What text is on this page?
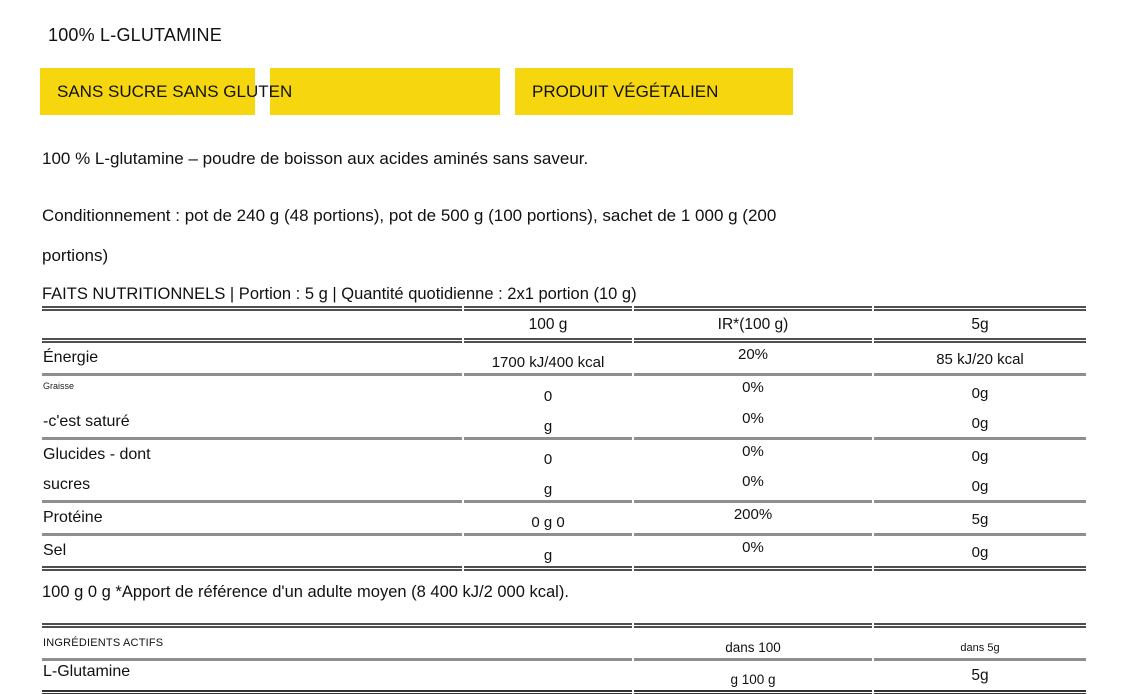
100% L-GLUTAMINE
SANS SUCRE SANS GLUTEN	PRODUIT VÉGÉTALIEN
100 % L-glutamine – poudre de boisson aux acides aminés sans saveur.
Conditionnement : pot de 240 g (48 portions), pot de 500 g (100 portions), sachet de 1 000 g (200 portions)
FAITS NUTRITIONNELS | Portion : 5 g | Quantité quotidienne : 2x1 portion (10 g)
	100 g	IR*(100 g)	5g
Énergie	1700 kJ/400 kcal	20%	85 kJ/20 kcal
Graisse	0	0%	0g
-c'est saturé	g	0%	0g
Glucides - dont	0	0%	0g
sucres	g	0%	0g
Protéine	0 g 0	200%	5g
Sel	g	0%	0g
100 g 0 g *Apport de référence d'un adulte moyen (8 400 kJ/2 000 kcal).
INGRÉDIENTS ACTIFS	dans 100	dans 5g
L-Glutamine	g 100 g	5g
